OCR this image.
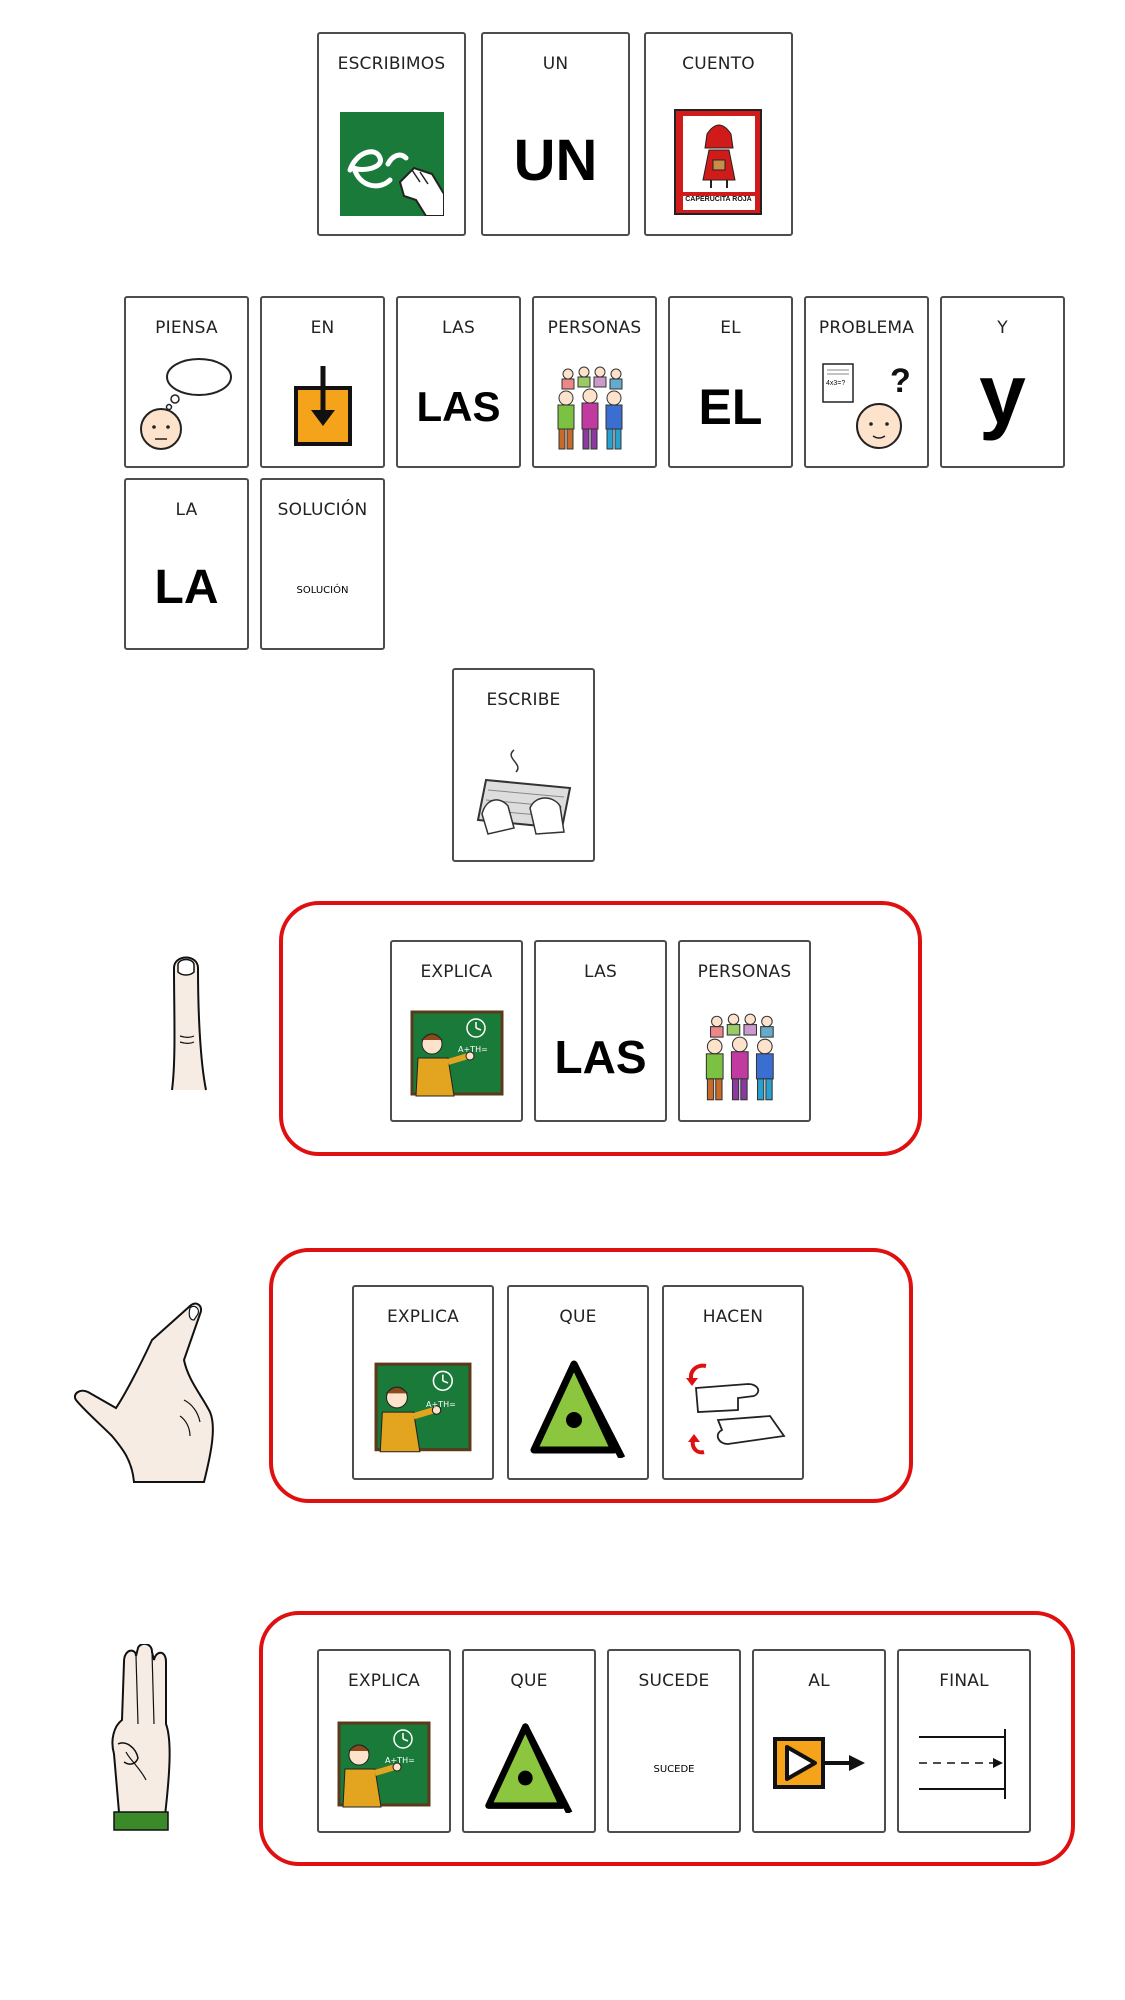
ESCRIBIMOS	UN
UN
CUENTO
CAPERUCITA ROJA
PIENSA	EN	LAS
LAS
PERSONAS	EL
EL
PROBLEMA
4x3=? ?
Y
y
LA
LA
SOLUCIÓN
SOLUCIÓN
ESCRIBE
EXPLICA
A+TH=
LAS
LAS
PERSONAS
EXPLICA
A+TH=
QUE	HACEN
EXPLICA
A+TH=
QUE	SUCEDE
SUCEDE
AL	FINAL
